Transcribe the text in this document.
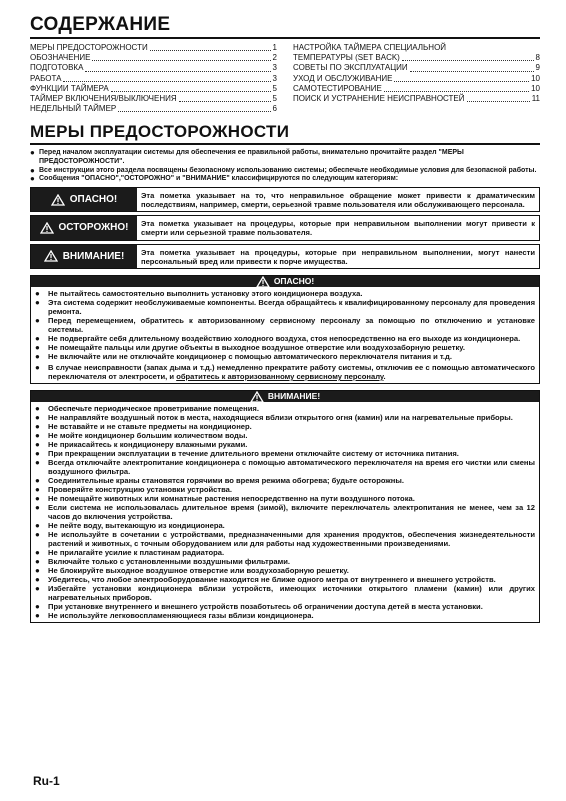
СОДЕРЖАНИЕ
МЕРЫ ПРЕДОСТОРОЖНОСТИ	1
ОБОЗНАЧЕНИЕ	2
ПОДГОТОВКА	3
РАБОТА	3
ФУНКЦИИ ТАЙМЕРА	5
ТАЙМЕР ВКЛЮЧЕНИЯ/ВЫКЛЮЧЕНИЯ	5
НЕДЕЛЬНЫЙ ТАЙМЕР	6
НАСТРОЙКА ТАЙМЕРА СПЕЦИАЛЬНОЙ
ТЕМПЕРАТУРЫ (SET BACK)	8
СОВЕТЫ ПО ЭКСПЛУАТАЦИИ	9
УХОД И ОБСЛУЖИВАНИЕ	10
САМОТЕСТИРОВАНИЕ	10
ПОИСК И УСТРАНЕНИЕ НЕИСПРАВНОСТЕЙ	11
МЕРЫ ПРЕДОСТОРОЖНОСТИ
● Перед началом эксплуатации системы для обеспечения ее правильной работы, внимательно прочитайте раздел "МЕРЫ ПРЕДОСТОРОЖНОСТИ".
● Все инструкции этого раздела посвящены безопасному использованию системы; обеспечьте необходимые условия для безопасной работы.
● Сообщения "ОПАСНО","ОСТОРОЖНО" и "ВНИМАНИЕ" классифицируются по следующим категориям:
ОПАСНО!	Эта пометка указывает на то, что неправильное обращение может привести к драматическим последствиям, например, смерти, серьезной травме пользователя или обслуживающего персонала.
ОСТОРОЖНО!	Эта пометка указывает на процедуры, которые при неправильном выполнении могут привести к смерти или серьезной травме пользователя.
ВНИМАНИЕ!	Эта пометка указывает на процедуры, которые при неправильном выполнении, могут нанести персональный вред или привести к порче имущества.
ОПАСНО!
●	Не пытайтесь самостоятельно выполнить установку этого кондиционера воздуха.
●	Эта система содержит необслуживаемые компоненты. Всегда обращайтесь к квалифицированному персоналу для проведения ремонта.
●	Перед перемещением, обратитесь к авторизованному сервисному персоналу за помощью по отключению и установке системы.
●	Не подвергайте себя длительному воздействию холодного воздуха, стоя непосредственно на его выходе из кондиционера.
●	Не помещайте пальцы или другие объекты в выходное воздушное отверстие или воздухозаборную решетку.
●	Не включайте или не отключайте кондиционер с помощью автоматического переключателя питания и т.д.
●	В случае неисправности (запах дыма и т.д.) немедленно прекратите работу системы, отключив ее с помощью автоматического переключателя от электросети, и обратитесь к авторизованному сервисному персоналу.
ВНИМАНИЕ!
●	Обеспечьте периодическое проветривание помещения.
●	Не направляйте воздушный поток в места, находящиеся вблизи открытого огня (камин) или на нагревательные приборы.
●	Не вставайте и не ставьте предметы на кондиционер.
●	Не мойте кондиционер большим количеством воды.
●	Не прикасайтесь к кондиционеру влажными руками.
●	При прекращении эксплуатации в течение длительного времени отключайте систему от источника питания.
●	Всегда отключайте электропитание кондиционера с помощью автоматического переключателя на время его чистки или смены воздушного фильтра.
●	Соединительные краны становятся горячими во время режима обогрева; будьте осторожны.
●	Проверяйте конструкцию установки устройства.
●	Не помещайте животных или комнатные растения непосредственно на пути воздушного потока.
●	Если система не использовалась длительное время (зимой), включите переключатель электропитания не менее, чем за 12 часов до включения устройства.
●	Не пейте воду, вытекающую из кондиционера.
●	Не используйте в сочетании с устройствами, предназначенными для хранения продуктов, обеспечения жизнедеятельности растений и животных, с точным оборудованием или для работы над художественными произведениями.
●	Не прилагайте усилие к пластинам радиатора.
●	Включайте только с установленными воздушными фильтрами.
●	Не блокируйте выходное воздушное отверстие или воздухозаборную решетку.
●	Убедитесь, что любое электрооборудование находится не ближе одного метра от внутреннего и внешнего устройств.
●	Избегайте установки кондиционера вблизи устройств, имеющих источники открытого пламени (камин) или других нагревательных приборов.
●	При установке внутреннего и внешнего устройств позаботьтесь об ограничении доступа детей в места установки.
●	Не используйте легковоспламеняющиеся газы вблизи кондиционера.
Ru-1
